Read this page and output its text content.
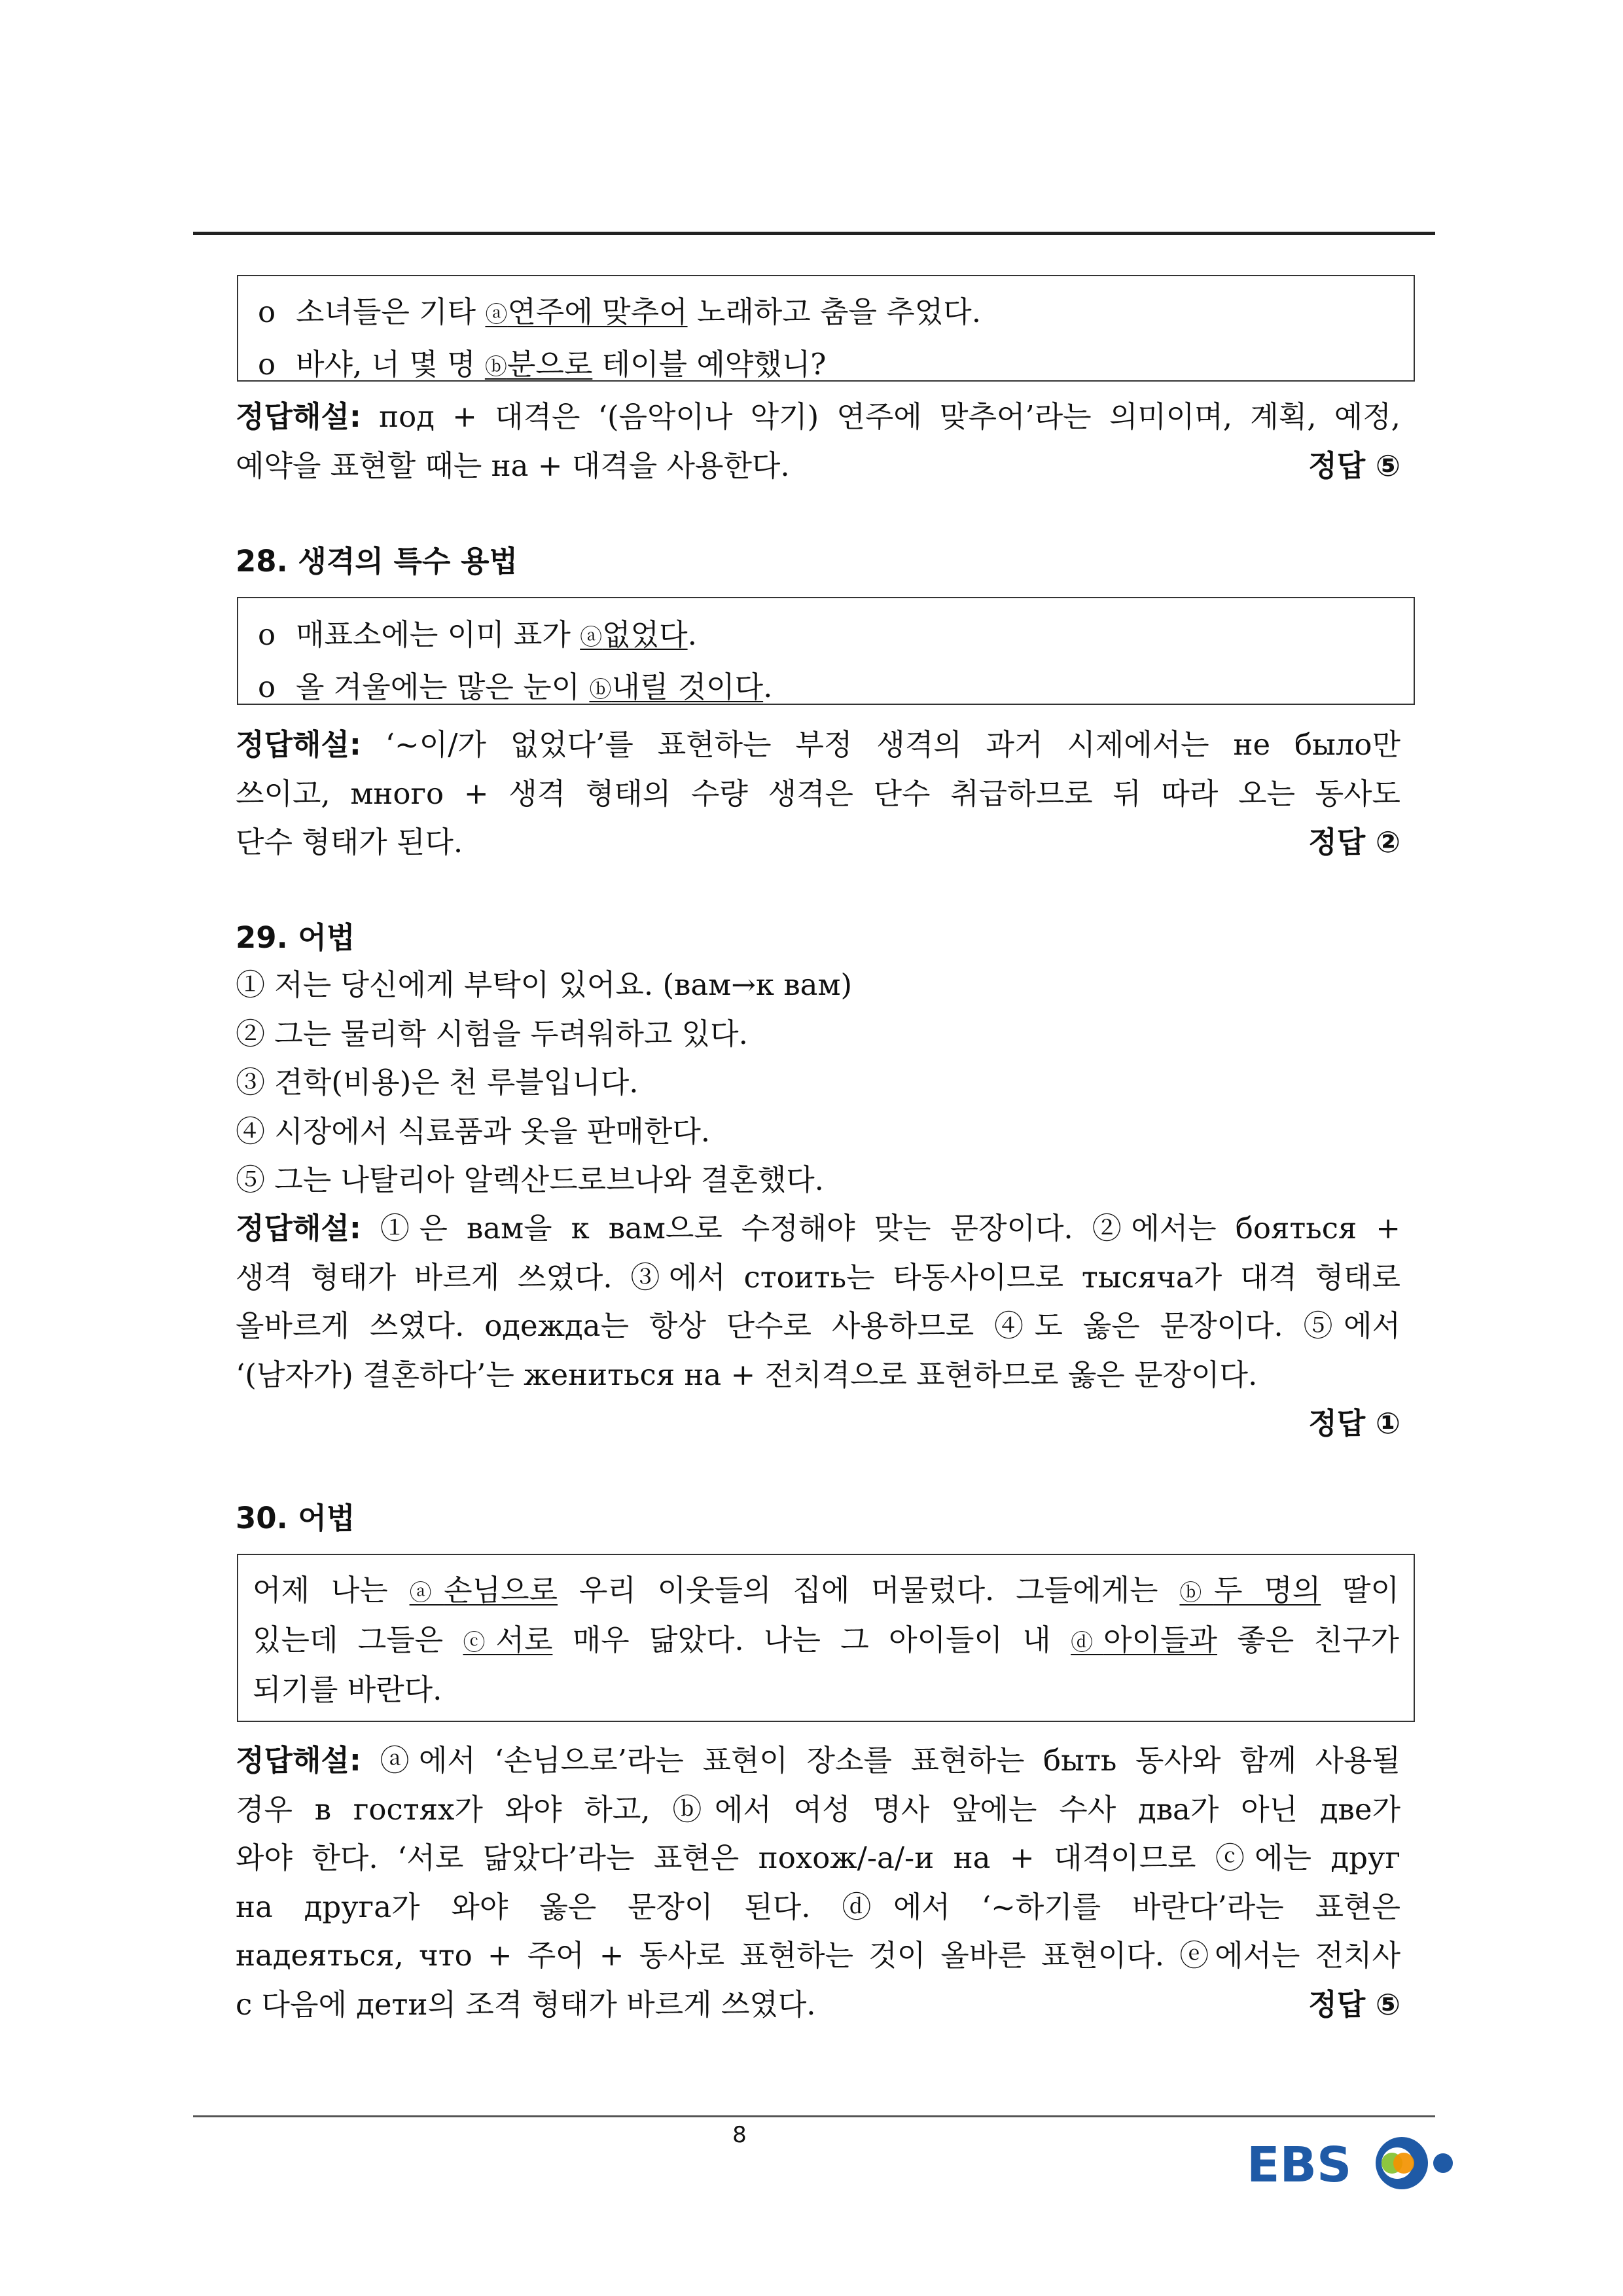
o 소녀들은 기타 ⓐ연주에 맞추어 노래하고 춤을 추었다.

o 바샤, 너 몇 명 ⓑ분으로 테이블 예약했니?

정답해설: под + 대격은 ‘(음악이나 악기) 연주에 맞추어’라는 의미이며, 계획, 예정,

예약을 표현할 때는 на + 대격을 사용한다.	정답 ⑤

28. 생격의 특수 용법

o 매표소에는 이미 표가 ⓐ없었다.

o 올 겨울에는 많은 눈이 ⓑ내릴 것이다.

정답해설: ‘~이/가 없었다’를 표현하는 부정 생격의 과거 시제에서는 не было만

쓰이고, много + 생격 형태의 수량 생격은 단수 취급하므로 뒤 따라 오는 동사도

단수 형태가 된다.	정답 ②

29. 어법

① 저는 당신에게 부탁이 있어요. (вам→к вам)

② 그는 물리학 시험을 두려워하고 있다.

③ 견학(비용)은 천 루블입니다.

④ 시장에서 식료품과 옷을 판매한다.

⑤ 그는 나탈리아 알렉산드로브나와 결혼했다.

정답해설: ①은 вам을 к вам으로 수정해야 맞는 문장이다. ②에서는 бояться +

생격 형태가 바르게 쓰였다. ③에서 стоить는 타동사이므로 тысяча가 대격 형태로

올바르게 쓰였다. одежда는 항상 단수로 사용하므로 ④도 옳은 문장이다. ⑤에서

‘(남자가) 결혼하다’는 жениться на + 전치격으로 표현하므로 옳은 문장이다.

정답 ①

30. 어법

어제 나는 ⓐ손님으로 우리 이웃들의 집에 머물렀다. 그들에게는 ⓑ두 명의 딸이

있는데 그들은 ⓒ서로 매우 닮았다. 나는 그 아이들이 내 ⓓ아이들과 좋은 친구가

되기를 바란다.

정답해설: ⓐ에서 ‘손님으로’라는 표현이 장소를 표현하는 быть 동사와 함께 사용될

경우 в гостях가 와야 하고, ⓑ에서 여성 명사 앞에는 수사 два가 아닌 две가

와야 한다. ‘서로 닮았다’라는 표현은 похож/-а/-и на + 대격이므로 ⓒ에는 друг

на друга가 와야 옳은 문장이 된다. ⓓ에서 ‘~하기를 바란다’라는 표현은

надеяться, что + 주어 + 동사로 표현하는 것이 올바른 표현이다. ⓔ에서는 전치사

с 다음에 дети의 조격 형태가 바르게 쓰였다.	정답 ⑤

8
EBS
